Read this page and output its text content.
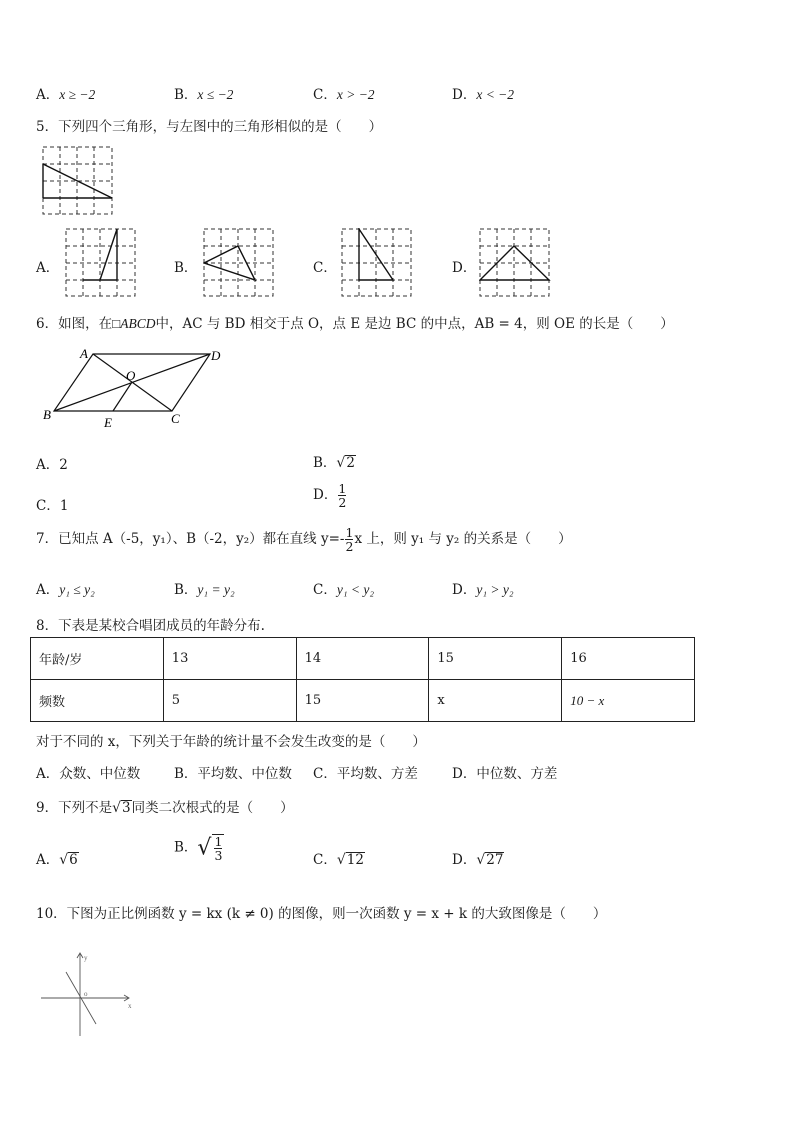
A．x ≥ −2	B．x ≤ −2	C．x > −2	D．x < −2
5．下列四个三角形，与左图中的三角形相似的是（　　）
A．	B．	C．	D．
6．如图，在□ABCD中，AC 与 BD 相交于点 O，点 E 是边 BC 的中点，AB = 4，则 OE 的长是（　　）
A	D
B	C
O
E
A．2	B．√2
C．1
D． $\frac{1}{2}$
7．已知点 A（-5，y₁）、B（-2，y₂）都在直线 $y=- \frac{1}{2}$ x 上，则 y₁ 与 y₂ 的关系是（　　）
A．y₁ ≤ y₂	B．y₁ = y₂	C．y₁ < y₂	D．y₁ > y₂
8．下表是某校合唱团成员的年龄分布.
年龄/岁	13	14	15	16
频数	5	15	x	10 − x
对于不同的 x，下列关于年龄的统计量不会发生改变的是（　　）
A．众数、中位数	B．平均数、中位数 C．平均数、方差	D．中位数、方差
9．下列不是√3同类二次根式的是（　　）
A．√6
B．√ $\frac{1}{3}$	C．√12	D．√27
10．下图为正比例函数 y = kx (k ≠ 0) 的图像，则一次函数 y = x + k 的大致图像是（　　）
y
x
o
